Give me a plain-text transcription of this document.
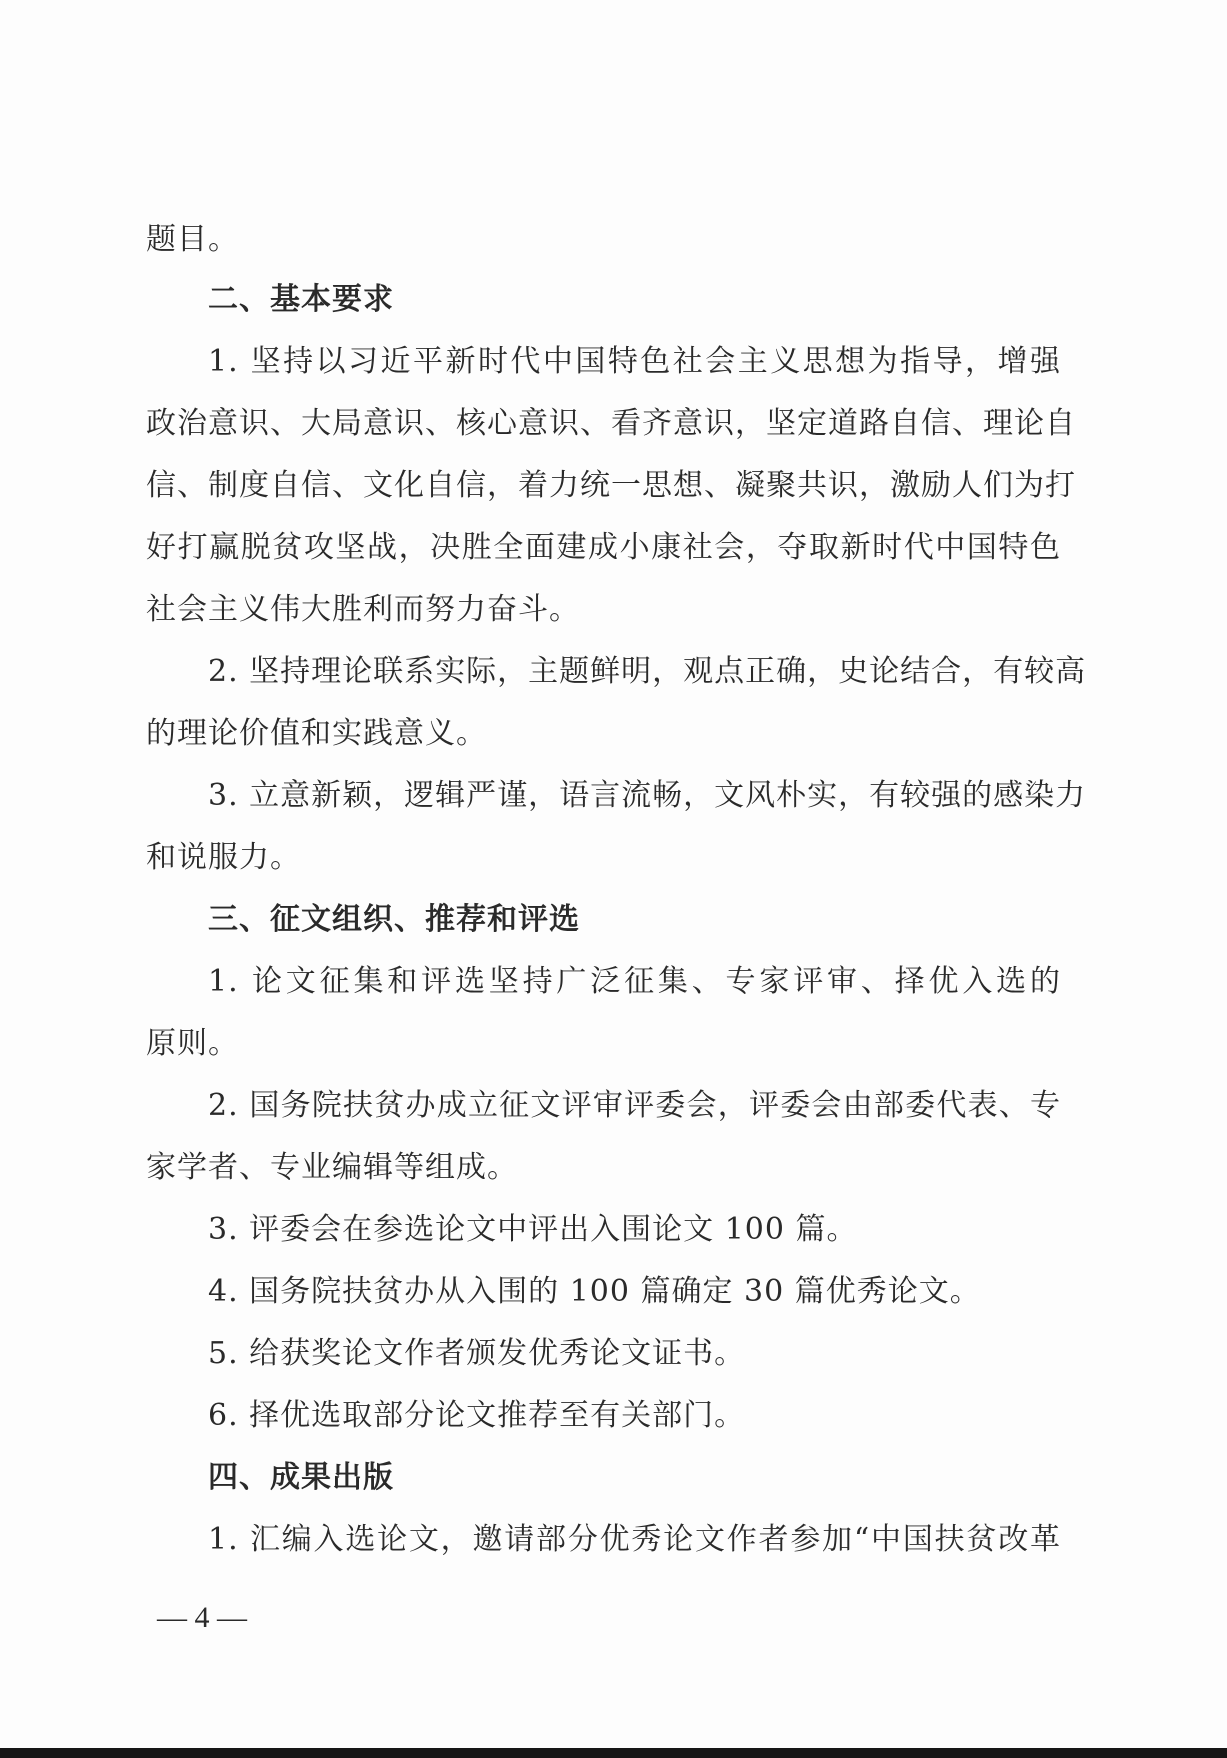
题目。
二、基本要求
1. 坚持以习近平新时代中国特色社会主义思想为指导，增强
政治意识、大局意识、核心意识、看齐意识，坚定道路自信、理论自
信、制度自信、文化自信，着力统一思想、凝聚共识，激励人们为打
好打赢脱贫攻坚战，决胜全面建成小康社会，夺取新时代中国特色
社会主义伟大胜利而努力奋斗。
2. 坚持理论联系实际，主题鲜明，观点正确，史论结合，有较高
的理论价值和实践意义。
3. 立意新颖，逻辑严谨，语言流畅，文风朴实，有较强的感染力
和说服力。
三、征文组织、推荐和评选
1. 论文征集和评选坚持广泛征集、专家评审、择优入选的
原则。
2. 国务院扶贫办成立征文评审评委会，评委会由部委代表、专
家学者、专业编辑等组成。
3. 评委会在参选论文中评出入围论文 100 篇。
4. 国务院扶贫办从入围的 100 篇确定 30 篇优秀论文。
5. 给获奖论文作者颁发优秀论文证书。
6. 择优选取部分论文推荐至有关部门。
四、成果出版
1. 汇编入选论文，邀请部分优秀论文作者参加“中国扶贫改革
— 4 —
